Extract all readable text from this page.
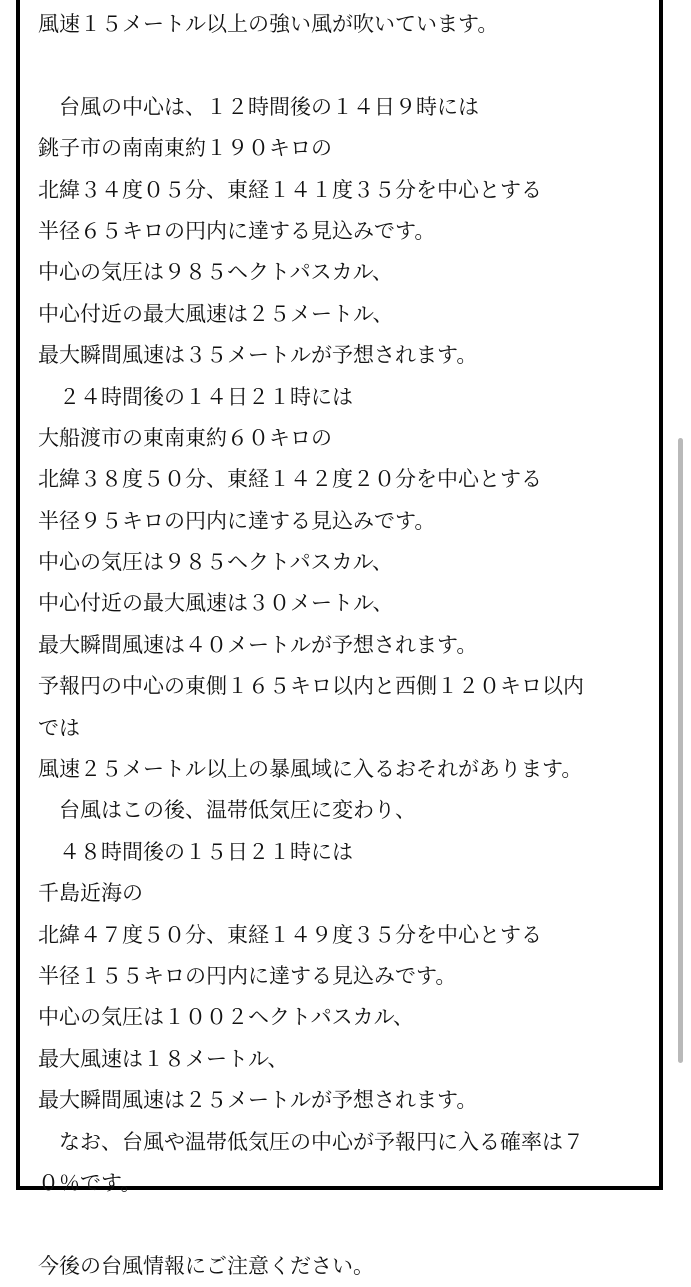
風速１５メートル以上の強い風が吹いています。
　台風の中心は、１２時間後の１４日９時には
銚子市の南南東約１９０キロの
北緯３４度０５分、東経１４１度３５分を中心とする
半径６５キロの円内に達する見込みです。
中心の気圧は９８５ヘクトパスカル、
中心付近の最大風速は２５メートル、
最大瞬間風速は３５メートルが予想されます。
　２４時間後の１４日２１時には
大船渡市の東南東約６０キロの
北緯３８度５０分、東経１４２度２０分を中心とする
半径９５キロの円内に達する見込みです。
中心の気圧は９８５ヘクトパスカル、
中心付近の最大風速は３０メートル、
最大瞬間風速は４０メートルが予想されます。
予報円の中心の東側１６５キロ以内と西側１２０キロ以内
では
風速２５メートル以上の暴風域に入るおそれがあります。
　台風はこの後、温帯低気圧に変わり、
　４８時間後の１５日２１時には
千島近海の
北緯４７度５０分、東経１４９度３５分を中心とする
半径１５５キロの円内に達する見込みです。
中心の気圧は１００２ヘクトパスカル、
最大風速は１８メートル、
最大瞬間風速は２５メートルが予想されます。
　なお、台風や温帯低気圧の中心が予報円に入る確率は７
０％です。
今後の台風情報にご注意ください。
